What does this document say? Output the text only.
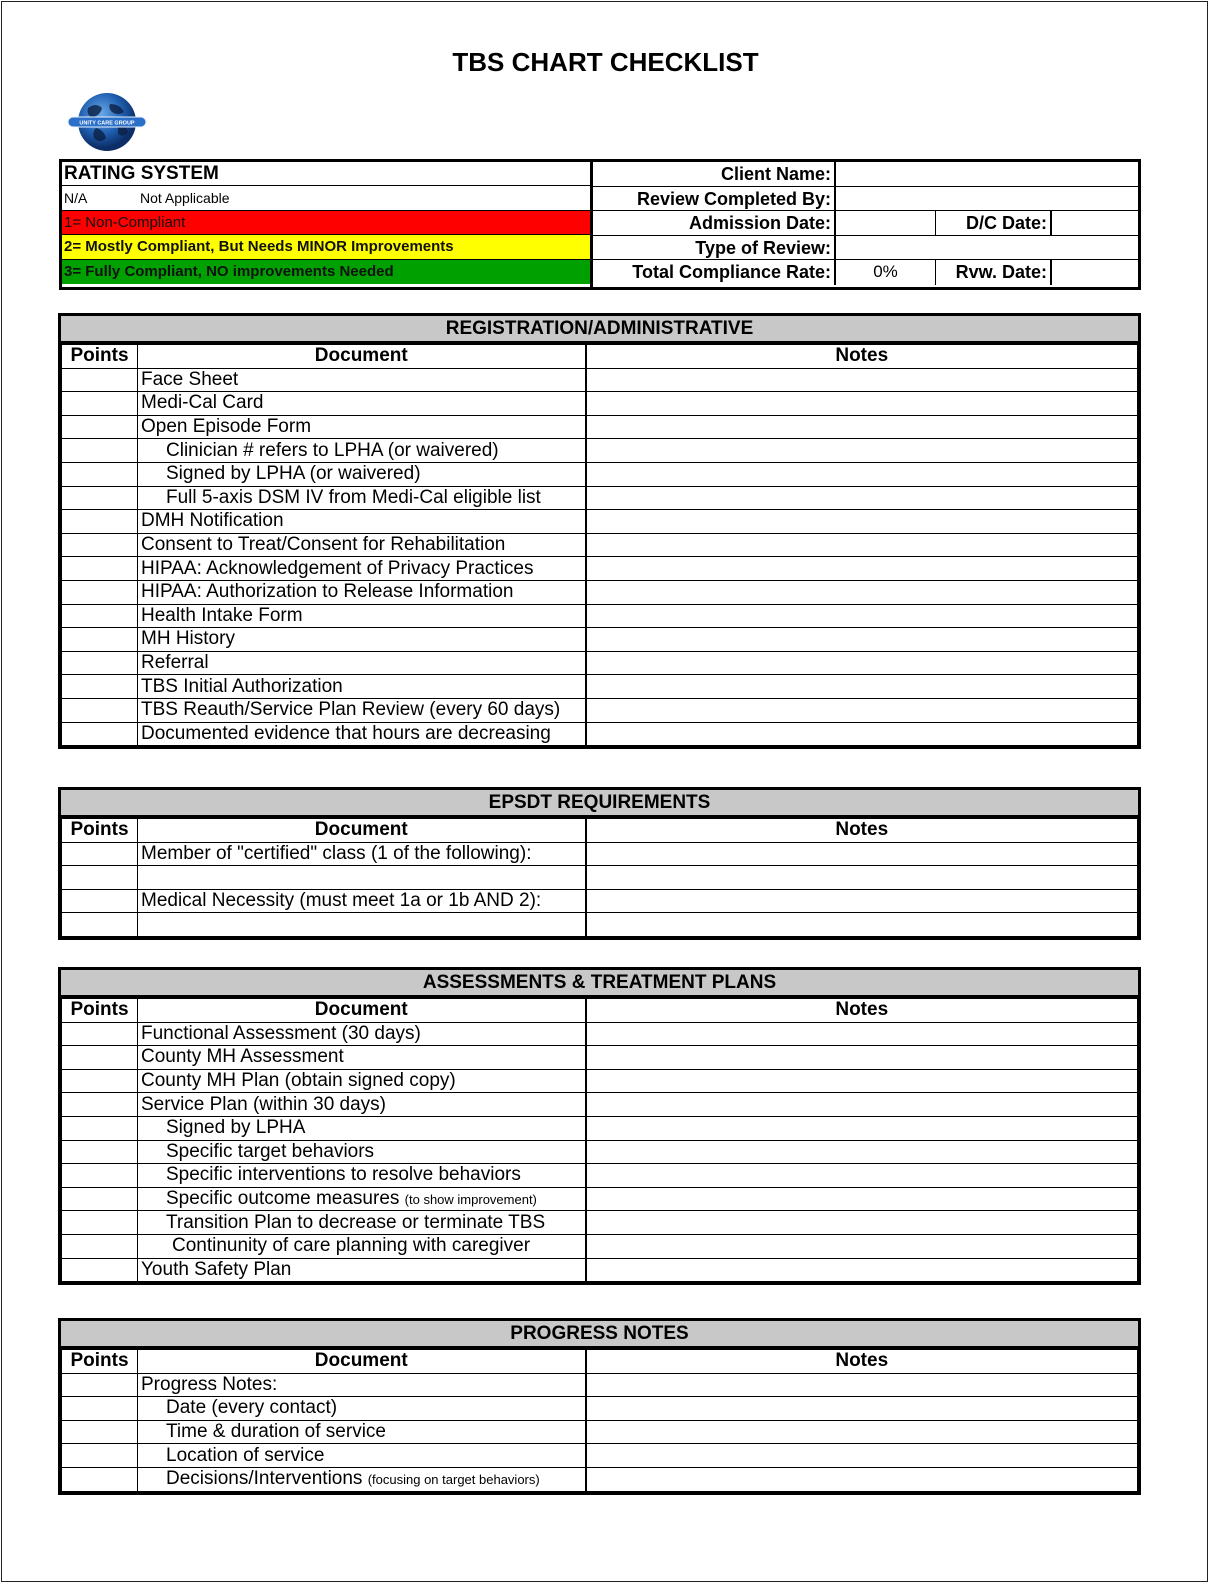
TBS CHART CHECKLIST
UNITY CARE GROUP
RATING SYSTEM
N/A	Not Applicable
1= Non-Compliant
2= Mostly Compliant, But Needs MINOR Improvements
3= Fully Compliant, NO improvements Needed
Client Name:
Review Completed By:
Admission Date:	D/C Date:
Type of Review:
Total Compliance Rate:	0%	Rvw. Date:
REGISTRATION/ADMINISTRATIVE
Points	Document	Notes
	Face Sheet	
	Medi-Cal Card	
	Open Episode Form	
	Clinician # refers to LPHA (or waivered)	
	Signed by LPHA (or waivered)	
	Full 5-axis DSM IV from Medi-Cal eligible list	
	DMH Notification	
	Consent to Treat/Consent for Rehabilitation	
	HIPAA: Acknowledgement of Privacy Practices	
	HIPAA: Authorization to Release Information	
	Health Intake Form	
	MH History	
	Referral	
	TBS Initial Authorization	
	TBS Reauth/Service Plan Review (every 60 days)	
	Documented evidence that hours are decreasing	
EPSDT REQUIREMENTS
Points	Document	Notes
	Member of "certified" class (1 of the following):	

	Medical Necessity (must meet 1a or 1b AND 2):	

ASSESSMENTS & TREATMENT PLANS
Points	Document	Notes
	Functional Assessment (30 days)	
	County MH Assessment	
	County MH Plan (obtain signed copy)	
	Service Plan (within 30 days)	
	Signed by LPHA	
	Specific target behaviors	
	Specific interventions to resolve behaviors	
	Specific outcome measures (to show improvement)	
	Transition Plan to decrease or terminate TBS	
	Continunity of care planning with caregiver	
	Youth Safety Plan	
PROGRESS NOTES
Points	Document	Notes
	Progress Notes:	
	Date (every contact)	
	Time & duration of service	
	Location of service	
	Decisions/Interventions (focusing on target behaviors)	
